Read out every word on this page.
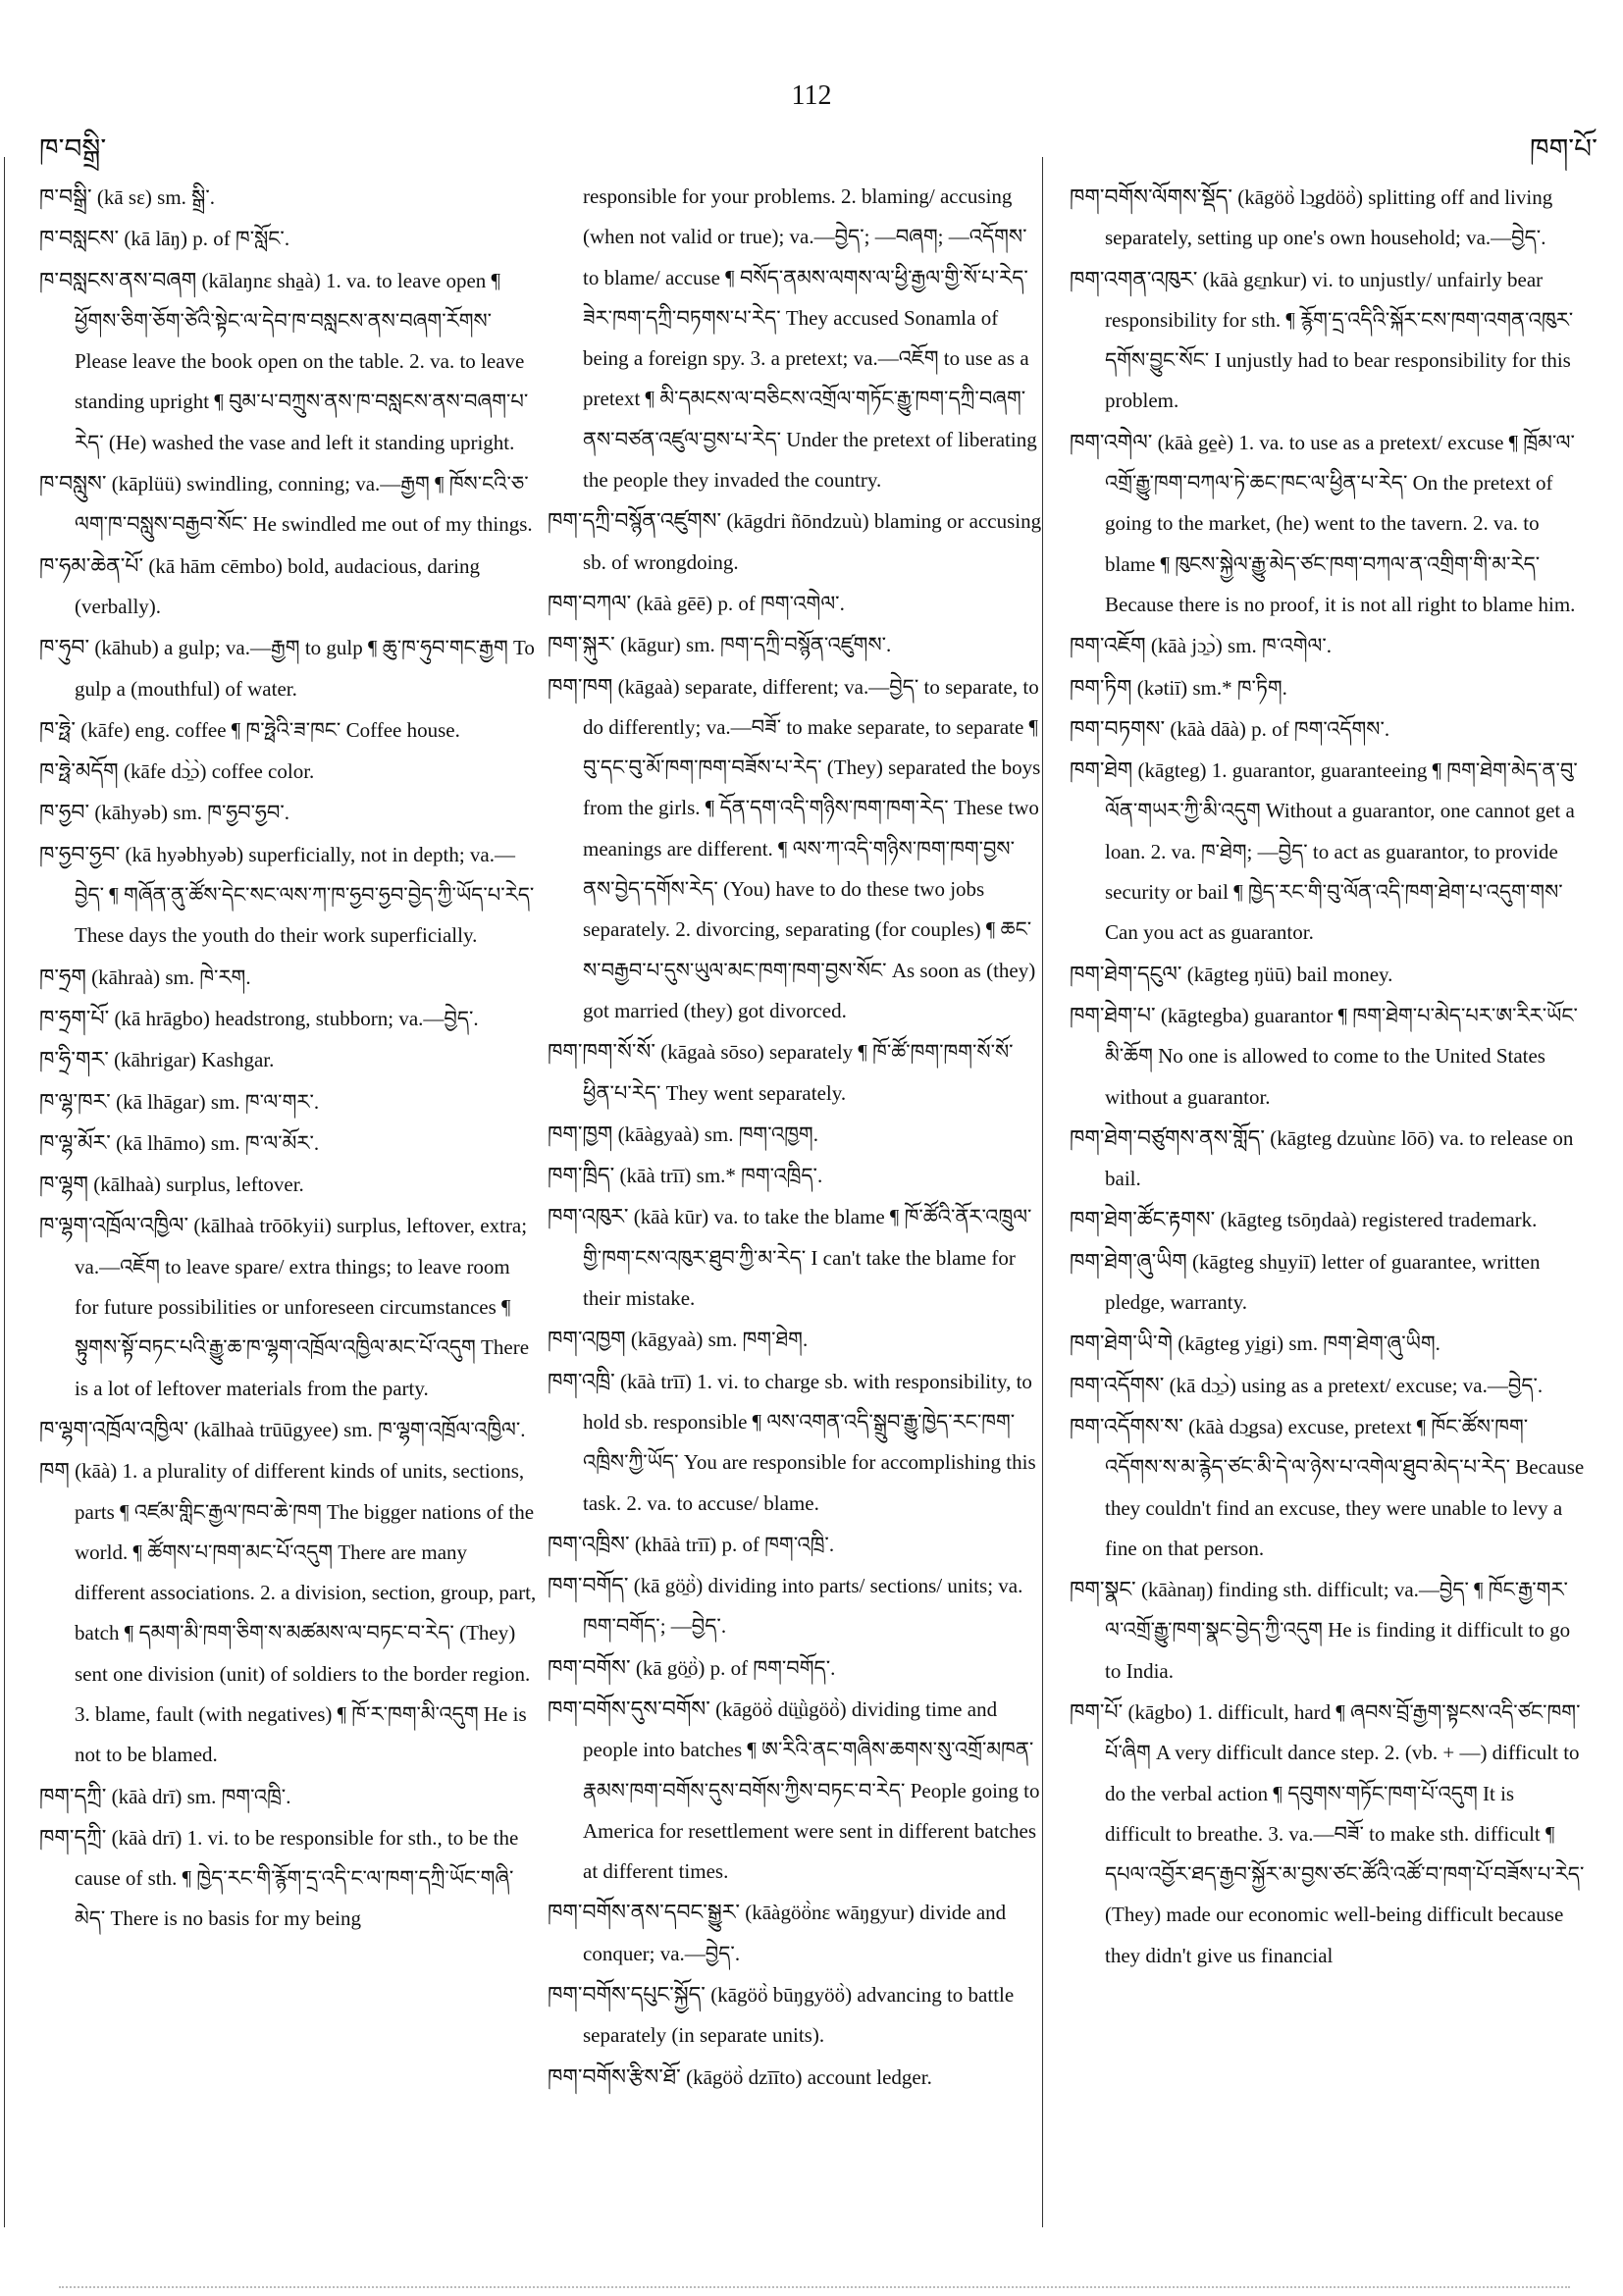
ཁ་བསྒྲི་
112
ཁག་པོ་
ཁ་བསྒྲི་ ( kā sɛ ) sm. སྒྲི་.
ཁ་བསླངས་ ( kā lāŋ ) p. of ཁ་སློང་.
ཁ་བསླངས་ནས་བཞག ( kālaŋnɛ sha̱à ) 1. va. to leave open ¶ ཕྱོགས་ཅིག་ཅོག་ཙེའི་སྟེང་ལ་དེབ་ཁ་བསླངས་ནས་བཞག་རོགས་ Please leave the book open on the table. 2. va. to leave standing upright ¶ བུམ་པ་བཀྲུས་ནས་ཁ་བསླངས་ནས་བཞག་པ་རེད་ (He) washed the vase and left it standing upright.
ཁ་བསླུས་ ( kāplüü ) swindling, conning; va.—རྒྱག ¶ ཁོས་ངའི་ཅ་ལག་ཁ་བསླུས་བརྒྱབ་སོང་ He swindled me out of my things.
ཁ་ཧམ་ཆེན་པོ་ ( kā hām cēmbo ) bold, audacious, daring (verbally).
ཁ་ཧུབ་ ( kāhub ) a gulp; va.—རྒྱག to gulp ¶ ཆུ་ཁ་ཧུབ་གང་རྒྱག To gulp a (mouthful) of water.
ཁ་ཧྥེ་ ( kāfe ) eng. coffee ¶ ཁ་ཧྥེའི་ཟ་ཁང་ Coffee house.
ཁ་ཧྥེ་མདོག ( kāfe dɔ̱̀ɔ̀ ) coffee color.
ཁ་ཧྱབ་ ( kāhyəb ) sm. ཁ་ཧྱབ་ཧྱབ་.
ཁ་ཧྱབ་ཧྱབ་ ( kā hyəbhyəb ) superficially, not in depth; va.—བྱེད་ ¶ གཞོན་ནུ་ཚོས་དེང་སང་ལས་ཀ་ཁ་ཧྱབ་ཧྱབ་བྱེད་ཀྱི་ཡོད་པ་རེད་ These days the youth do their work superficially.
ཁ་ཧྲག ( kāhraà ) sm. ཁེ་རག.
ཁ་ཧྲག་པོ་ ( kā hrāgbo ) headstrong, stubborn; va.—བྱེད་.
ཁ་ཧྲི་གར་ ( kāhrigar ) Kashgar.
ཁ་ལྷ་ཁར་ ( kā lhāgar ) sm. ཁ་ལ་གར་.
ཁ་ལྷ་མོར་ ( kā lhāmo ) sm. ཁ་ལ་མོར་.
ཁ་ལྷག ( kālhaà ) surplus, leftover.
ཁ་ལྷག་འཁྲོལ་འཁྱིལ་ ( kālhaà trōōkyii ) surplus, leftover, extra; va.—འཇོག to leave spare/ extra things; to leave room for future possibilities or unforeseen circumstances ¶ སྟུགས་སྟོ་བཏང་པའི་རྒྱུ་ཆ་ཁ་ལྷག་འཁྲོལ་འཁྱིལ་མང་པོ་འདུག There is a lot of leftover materials from the party.
ཁ་ལྷག་འཁྲོལ་འཁྱིལ་ ( kālhaà trūūgyee ) sm. ཁ་ལྷག་འཁྲོལ་འཁྱིལ་.
ཁག ( kāà ) 1. a plurality of different kinds of units, sections, parts ¶ འཛམ་གླིང་རྒྱལ་ཁབ་ཆེ་ཁག The bigger nations of the world. ¶ ཚོགས་པ་ཁག་མང་པོ་འདུག There are many different associations. 2. a division, section, group, part, batch ¶ དམག་མི་ཁག་ཅིག་ས་མཚམས་ལ་བཏང་བ་རེད་ (They) sent one division (unit) of soldiers to the border region. 3. blame, fault (with negatives) ¶ ཁོ་ར་ཁག་མི་འདུག He is not to be blamed.
ཁག་དཀྲི་ ( kāà drī ) sm. ཁག་འཁྲི་.
ཁག་དཀྲི་ ( kāà drī ) 1. vi. to be responsible for sth., to be the cause of sth. ¶ ཁྱེད་རང་གི་རྙོག་དྲ་འདི་ང་ལ་ཁག་དཀྲི་ཡོང་གཞི་མེད་ There is no basis for my being
responsible for your problems. 2. blaming/ accusing (when not valid or true); va.—བྱེད་; —བཞག; —འདོགས་ to blame/ accuse ¶ བསོད་ནམས་ལགས་ལ་ཕྱི་རྒྱལ་གྱི་སོ་པ་རེད་ཟེར་ཁག་དཀྲི་བཏགས་པ་རེད་ They accused Sonamla of being a foreign spy. 3. a pretext; va.—འཇོག to use as a pretext ¶ མི་དམངས་ལ་བཅིངས་འགྲོལ་གཏོང་རྒྱུ་ཁག་དཀྲི་བཞག་ནས་བཙན་འཛུལ་བྱས་པ་རེད་ Under the pretext of liberating the people they invaded the country.
ཁག་དཀྲི་བསྙོན་འཛུགས་ ( kāgdri ñōndzuù ) blaming or accusing sb. of wrongdoing.
ཁག་བཀལ་ ( kāà gēē ) p. of ཁག་འགེལ་.
ཁག་སྐུར་ ( kāgur ) sm. ཁག་དཀྲི་བསྙོན་འཛུགས་.
ཁག་ཁག ( kāgaà ) separate, different; va.—བྱེད་ to separate, to do differently; va.—བཟོ་ to make separate, to separate ¶ བུ་དང་བུ་མོ་ཁག་ཁག་བཟོས་པ་རེད་ (They) separated the boys from the girls. ¶ དོན་དག་འདི་གཉིས་ཁག་ཁག་རེད་ These two meanings are different. ¶ ལས་ཀ་འདི་གཉིས་ཁག་ཁག་བྱས་ནས་བྱེད་དགོས་རེད་ (You) have to do these two jobs separately. 2. divorcing, separating (for couples) ¶ ཆང་ས་བརྒྱབ་པ་དུས་ཡུལ་མང་ཁག་ཁག་བྱས་སོང་ As soon as (they) got married (they) got divorced.
ཁག་ཁག་སོ་སོ་ ( kāgaà sōso ) separately ¶ ཁོ་ཚོ་ཁག་ཁག་སོ་སོ་ཕྱིན་པ་རེད་ They went separately.
ཁག་ཁྱག ( kāàgyaà ) sm. ཁག་འཁྱག.
ཁག་ཁྲིད་ ( kāà trīī ) sm.* ཁག་འཁྲིད་.
ཁག་འཁུར་ ( kāà kūr ) va. to take the blame ¶ ཁོ་ཚོའི་ནོར་འཁྲུལ་གྱི་ཁག་ངས་འཁུར་ཐུབ་ཀྱི་མ་རེད་ I can't take the blame for their mistake.
ཁག་འཁྱག ( kāgyaà ) sm. ཁག་ཐེག.
ཁག་འཁྲི་ ( kāà trīī ) 1. vi. to charge sb. with responsibility, to hold sb. responsible ¶ ལས་འགན་འདི་སྒྲུབ་རྒྱུ་ཁྱེད་རང་ཁག་འཁྲིས་ཀྱི་ཡོད་ You are responsible for accomplishing this task. 2. va. to accuse/ blame.
ཁག་འཁྲིས་ ( khāà trīī ) p. of ཁག་འཁྲི་.
ཁག་བགོད་ ( kā gö̱ö̀ ) dividing into parts/ sections/ units; va. ཁག་བགོད་; —བྱེད་.
ཁག་བགོས་ ( kā gö̱ö̀ ) p. of ཁག་བགོད་.
ཁག་བགོས་དུས་བགོས་ ( kāgöö̀ dü̱ǜgöö̀ ) dividing time and people into batches ¶ ཨ་རིའི་ནང་གཞིས་ཆགས་སུ་འགྲོ་མཁན་རྣམས་ཁག་བགོས་དུས་བགོས་ཀྱིས་བཏང་བ་རེད་ People going to America for resettlement were sent in different batches at different times.
ཁག་བགོས་ནས་དབང་སྒྱུར་ ( kāàgöö̀nɛ wāŋgyur ) divide and conquer; va.—བྱེད་.
ཁག་བགོས་དཔུང་སྐྱོད་ ( kāgöö̀ būŋgyöö̀ ) advancing to battle separately (in separate units).
ཁག་བགོས་རྩིས་ཐོ་ ( kāgöö̀ dzīīto ) account ledger.
ཁག་བགོས་ལོགས་སྡོད་ ( kāgöö̀ lɔ̱gdöö̀ ) splitting off and living separately, setting up one's own household; va.—བྱེད་.
ཁག་འགན་འཁུར་ ( kāà gɛ̱nkur ) vi. to unjustly/ unfairly bear responsibility for sth. ¶ རྙོག་དྲ་འདིའི་སྐོར་ངས་ཁག་འགན་འཁུར་དགོས་བྱུང་སོང་ I unjustly had to bear responsibility for this problem.
ཁག་འགེལ་ ( kāà ge̱è ) 1. va. to use as a pretext/ excuse ¶ ཁྲོམ་ལ་འགྲོ་རྒྱུ་ཁག་བཀལ་ཏེ་ཆང་ཁང་ལ་ཕྱིན་པ་རེད་ On the pretext of going to the market, (he) went to the tavern. 2. va. to blame ¶ ཁུངས་སྐྱེལ་རྒྱུ་མེད་ཙང་ཁག་བཀལ་ན་འགྲིག་གི་མ་རེད་ Because there is no proof, it is not all right to blame him.
ཁག་འཇོག ( kāà jɔ̱ɔ̀ ) sm. ཁ་འགེལ་.
ཁག་ཏིག ( kətiī ) sm.* ཁ་ཏིག.
ཁག་བཏགས་ ( kāà dāà ) p. of ཁག་འདོགས་.
ཁག་ཐེག ( kāgteg ) 1. guarantor, guaranteeing ¶ ཁག་ཐེག་མེད་ན་བུ་ལོན་གཡར་ཀྱི་མི་འདུག Without a guarantor, one cannot get a loan. 2. va. ཁ་ཐེག; —བྱེད་ to act as guarantor, to provide security or bail ¶ ཁྱེད་རང་གི་བུ་ལོན་འདི་ཁག་ཐེག་པ་འདུག་གས་ Can you act as guarantor.
ཁག་ཐེག་དངུལ་ ( kāgteg ŋüū ) bail money.
ཁག་ཐེག་པ་ ( kāgtegba ) guarantor ¶ ཁག་ཐེག་པ་མེད་པར་ཨ་རིར་ཡོང་མི་ཆོག No one is allowed to come to the United States without a guarantor.
ཁག་ཐེག་བཙུགས་ནས་གློད་ ( kāgteg dzuùnɛ lōō ) va. to release on bail.
ཁག་ཐེག་ཚོང་རྟགས་ ( kāgteg tsōŋdaà ) registered trademark.
ཁག་ཐེག་ཞུ་ཡིག ( kāgteg shu̱yiī ) letter of guarantee, written pledge, warranty.
ཁག་ཐེག་ཡི་གེ ( kāgteg yi̱gi ) sm. ཁག་ཐེག་ཞུ་ཡིག.
ཁག་འདོགས་ ( kā dɔ̱ɔ̀ ) using as a pretext/ excuse; va.—བྱེད་.
ཁག་འདོགས་ས་ ( kāà dɔ̱gsa ) excuse, pretext ¶ ཁོང་ཚོས་ཁག་འདོགས་ས་མ་རྙེད་ཙང་མི་དེ་ལ་ཉེས་པ་འགེལ་ཐུབ་མེད་པ་རེད་ Because they couldn't find an excuse, they were unable to levy a fine on that person.
ཁག་སྣང་ ( kāànaŋ ) finding sth. difficult; va.—བྱེད་ ¶ ཁོང་རྒྱ་གར་ལ་འགྲོ་རྒྱུ་ཁག་སྣང་བྱེད་ཀྱི་འདུག He is finding it difficult to go to India.
ཁག་པོ་ ( kāgbo ) 1. difficult, hard ¶ ཞབས་བྲོ་རྒྱག་སྟངས་འདི་ཙང་ཁག་པོ་ཞིག A very difficult dance step. 2. (vb. + —) difficult to do the verbal action ¶ དབུགས་གཏོང་ཁག་པོ་འདུག It is difficult to breathe. 3. va.—བཟོ་ to make sth. difficult ¶ དཔལ་འབྱོར་ཐད་རྒྱབ་སྐྱོར་མ་བྱས་ཙང་ཚོའི་འཚོ་བ་ཁག་པོ་བཟོས་པ་རེད་ (They) made our economic well-being difficult because they didn't give us financial
